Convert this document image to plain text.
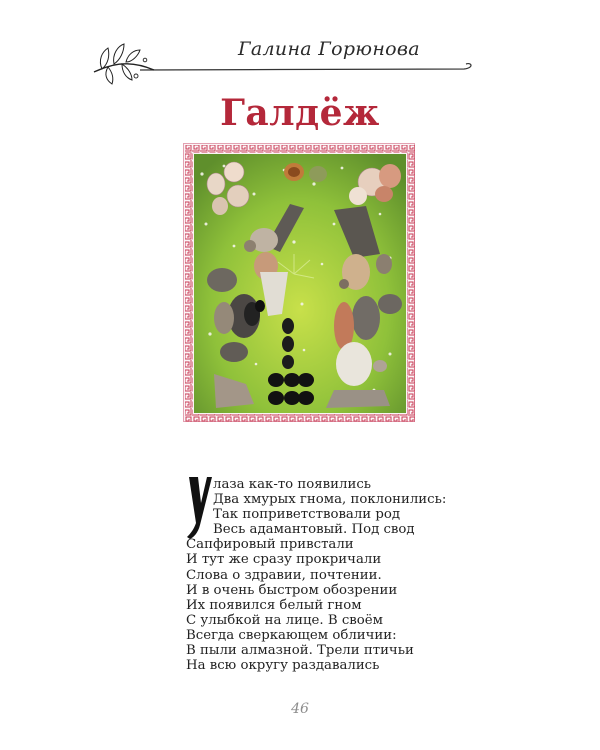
Галина Горюнова
Галдёж
У
лаза как-то появились
Два хмурых гнома, поклонились:
Так поприветствовали род
Весь адамантовый. Под свод
Сапфировый привстали
И тут же сразу прокричали
Слова о здравии, почтении.
И в очень быстром обозрении
Их появился белый гном
С улыбкой на лице. В своём
Всегда сверкающем обличии:
В пыли алмазной. Трели птичьи
На всю округу раздавались
46
